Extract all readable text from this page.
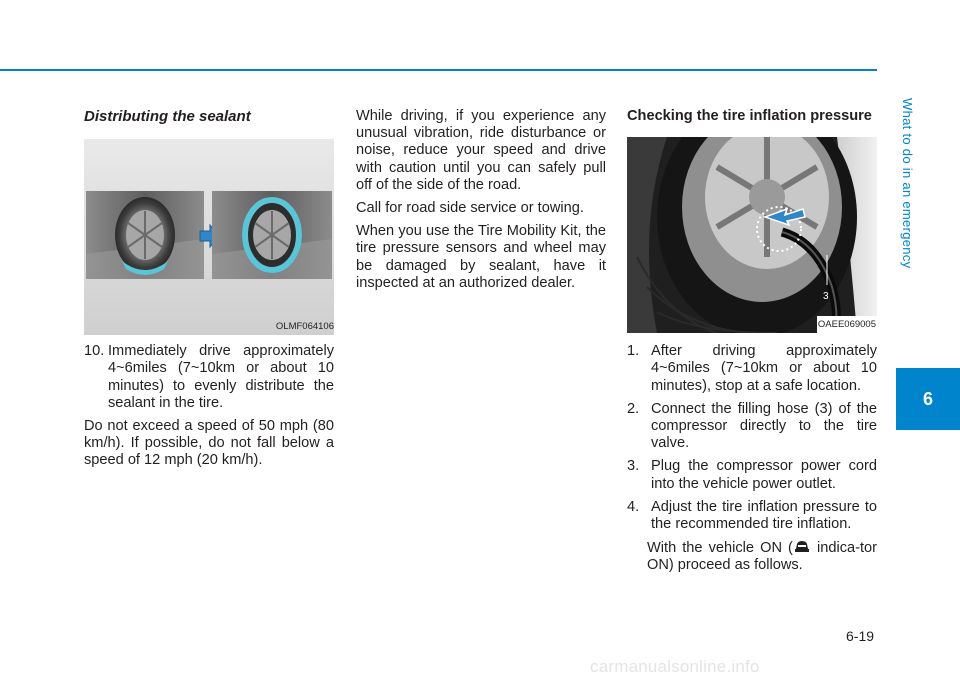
Distributing the sealant
OLMF064106
10. Immediately drive approximately 4~6miles (7~10km or about 10 minutes) to evenly distribute the sealant in the tire.

Do not exceed a speed of 50 mph (80 km/h). If possible, do not fall below a speed of 12 mph (20 km/h).

While driving, if you experience any unusual vibration, ride disturbance or noise, reduce your speed and drive with caution until you can safely pull off of the side of the road.

Call for road side service or towing.

When you use the Tire Mobility Kit, the tire pressure sensors and wheel may be damaged by sealant, have it inspected at an authorized dealer.

Checking the tire inflation pressure
3
OAEE069005
1. After driving approximately 4~6miles (7~10km or about 10 minutes), stop at a safe location.
2. Connect the filling hose (3) of the compressor directly to the tire valve.
3. Plug the compressor power cord into the vehicle power outlet.
4. Adjust the tire inflation pressure to the recommended tire inflation.
With the vehicle ON ( indica-tor ON) proceed as follows.
What to do in an emergency
6
6-19
carmanualsonline.info
